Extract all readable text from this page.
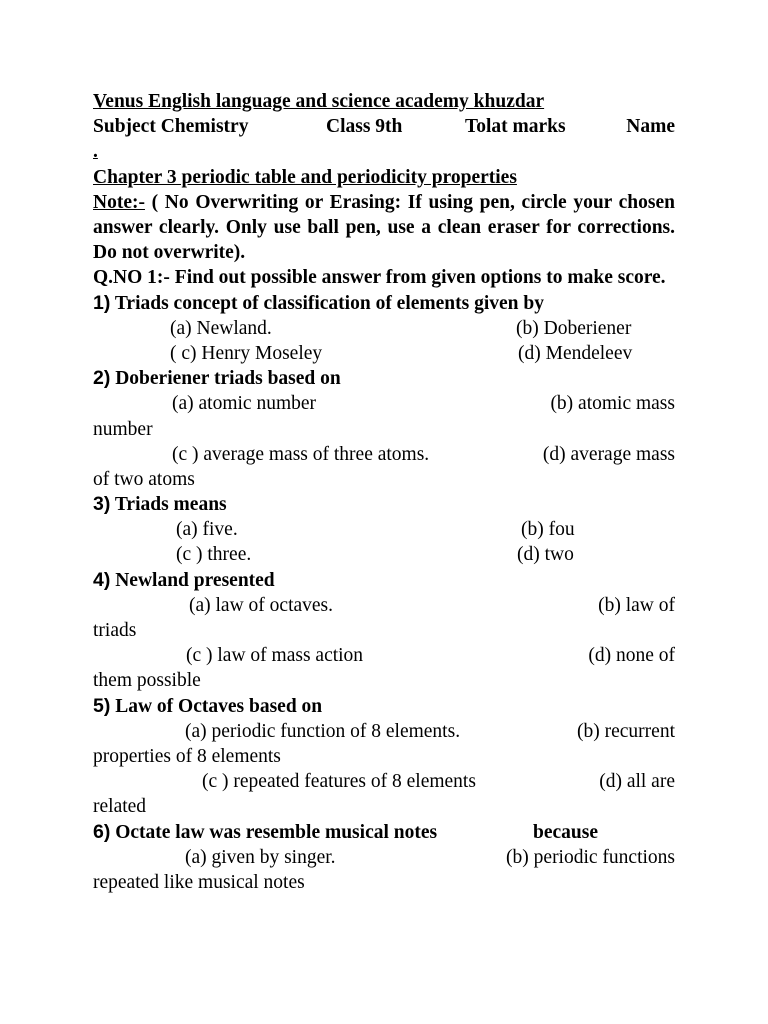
Venus English language and science academy khuzdar
Subject Chemistry	Class 9th	Tolat marks	Name
.
Chapter 3 periodic table and periodicity properties
Note:- ( No Overwriting or Erasing: If using pen, circle your chosen answer clearly. Only use ball pen, use a clean eraser for corrections. Do not overwrite).
Q.NO 1:- Find out possible answer from given options to make score.
1) Triads concept of classification of elements given by
(a) Newland.	(b) Doberiener
( c) Henry Moseley	(d) Mendeleev
2) Doberiener triads based on
(a) atomic number	(b) atomic mass
number
(c ) average mass of three atoms.	(d) average mass
of two atoms
3) Triads means
(a) five.	(b) fou
(c ) three.	(d) two
4) Newland presented
(a) law of octaves.	(b) law of
triads
(c ) law of mass action	(d) none of
them possible
5) Law of Octaves based on
(a) periodic function of 8 elements.	(b) recurrent
properties of 8 elements
(c ) repeated features of 8 elements	(d) all are
related
6) Octate law was resemble musical notes	because
(a) given by singer.	(b) periodic functions
repeated like musical notes
